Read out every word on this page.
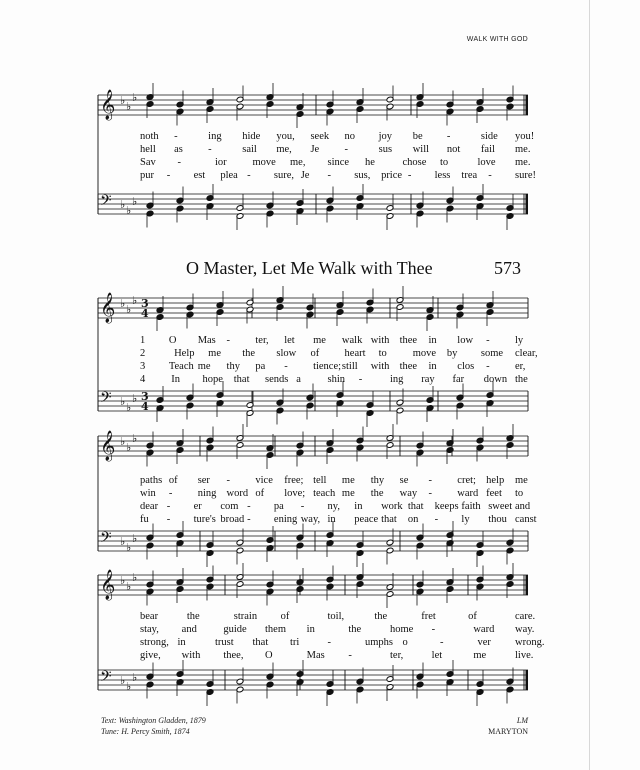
WALK WITH GOD
O Master, Let Me Walk with Thee	573
𝄞 ♭ ♭
♭
𝄢 ♭ ♭
♭
𝄞 ♭ ♭
♭ 3
4
𝄢 ♭ ♭
♭ 3
4
𝄞 ♭ ♭
♭
𝄢 ♭ ♭
♭
𝄞 ♭ ♭
♭
𝄢 ♭ ♭
♭
noth -	ing hide you, seek no joy be -	side you!
hell as -	sail me, Je -	sus will not fail me.
Sav -	ior move me, since he	chose to	love me.
pur - est plea - sure, Je - sus, price - less trea - sure!
1 O Mas - ter, let me walk with thee in low - ly
2	Help me the slow of heart to move by some clear,
3 Teach me thy pa - tience; still with thee in clos - er,
4 In hope that sends a	shin -	ing ray far down the
paths of ser - vice free; tell me thy se - cret; help me
win - ning word of love; teach me the way - ward feet to
dear - er com - pa - ny, in work that keeps faith sweet and
fu - ture's broad - ening way, in peace that on - ly thou canst
bear	the	strain of	toil,	the	fret	of	care.
stay, and	guide them in	the	home -	ward way.
strong, in	trust that tri	-	umphs o	-	ver wrong.
give, with thee, O	Mas -	ter,	let	me	live.
Text: Washington Gladden, 1879
Tune: H. Percy Smith, 1874
LM
MARYTON
